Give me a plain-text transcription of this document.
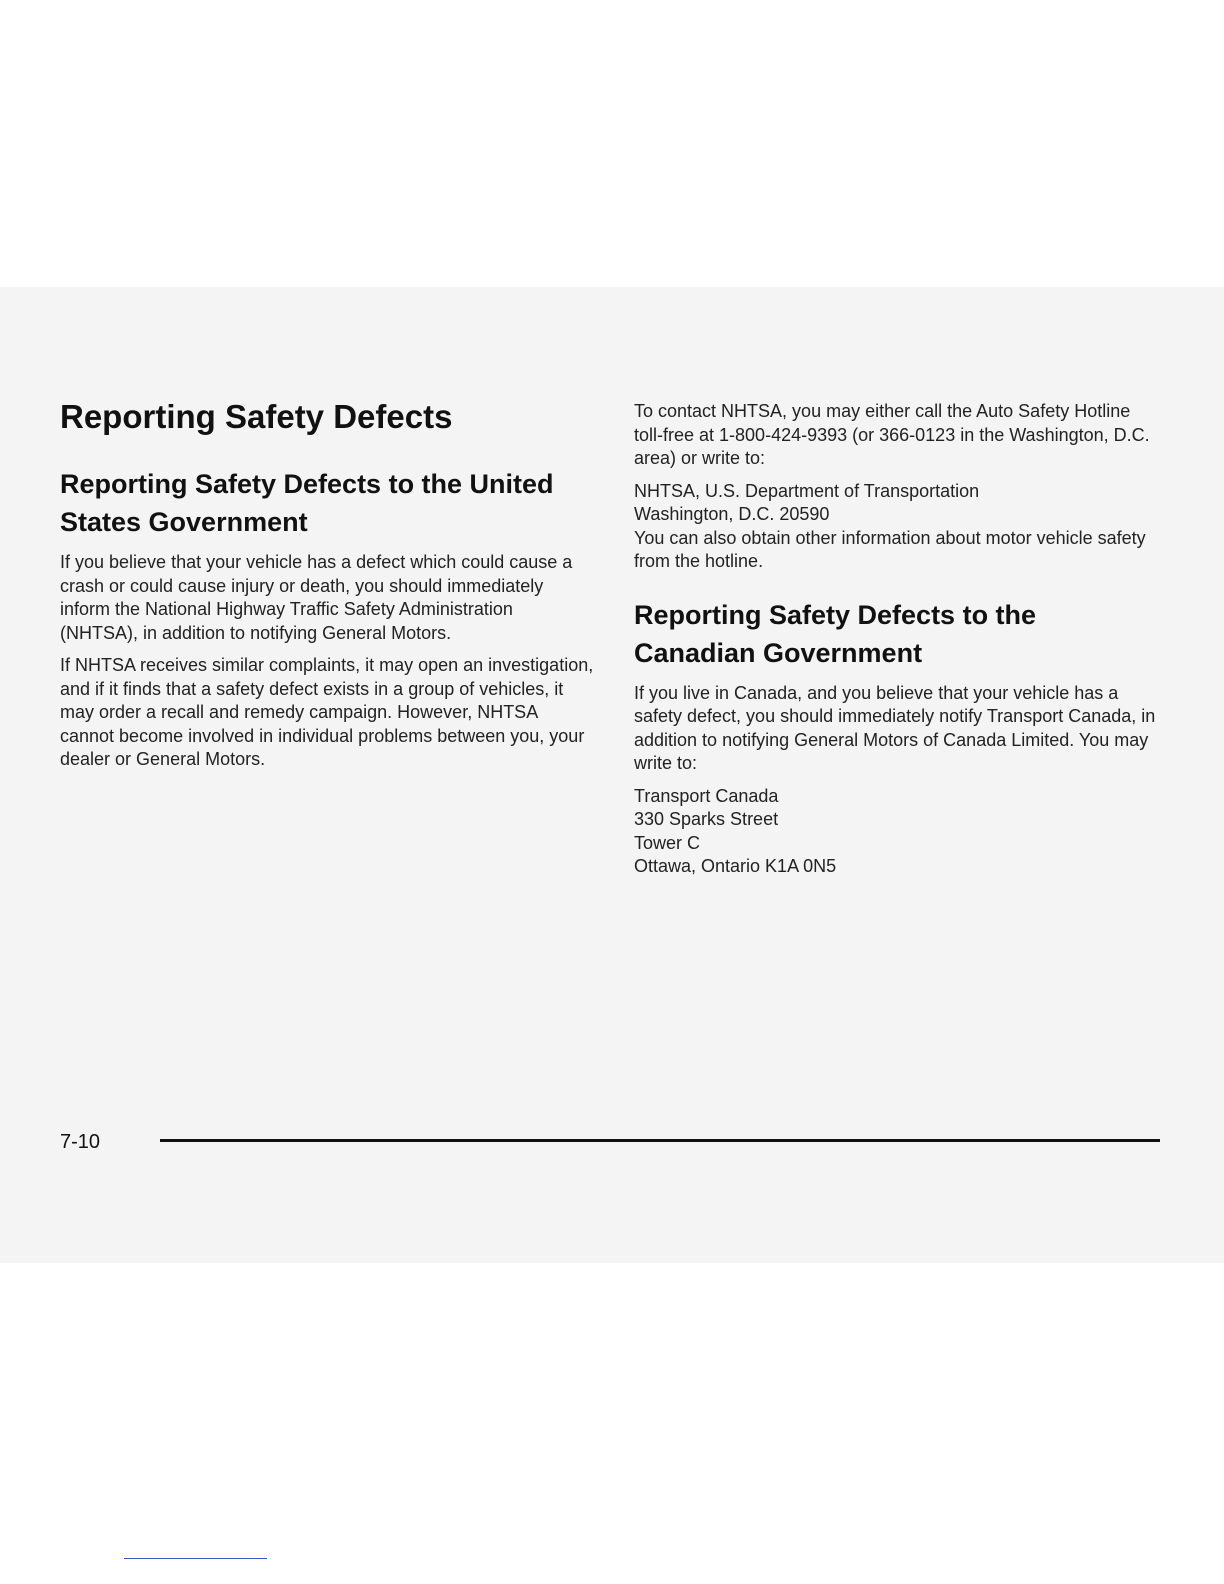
Reporting Safety Defects
Reporting Safety Defects to the United States Government

If you believe that your vehicle has a defect which could cause a crash or could cause injury or death, you should immediately inform the National Highway Traffic Safety Administration (NHTSA), in addition to notifying General Motors.

If NHTSA receives similar complaints, it may open an investigation, and if it finds that a safety defect exists in a group of vehicles, it may order a recall and remedy campaign. However, NHTSA cannot become involved in individual problems between you, your dealer or General Motors.

To contact NHTSA, you may either call the Auto Safety Hotline toll-free at 1-800-424-9393 (or 366-0123 in the Washington, D.C. area) or write to:

NHTSA, U.S. Department of Transportation
Washington, D.C. 20590

You can also obtain other information about motor vehicle safety from the hotline.

Reporting Safety Defects to the Canadian Government

If you live in Canada, and you believe that your vehicle has a safety defect, you should immediately notify Transport Canada, in addition to notifying General Motors of Canada Limited. You may write to:

Transport Canada
330 Sparks Street
Tower C
Ottawa, Ontario K1A 0N5

7-10
